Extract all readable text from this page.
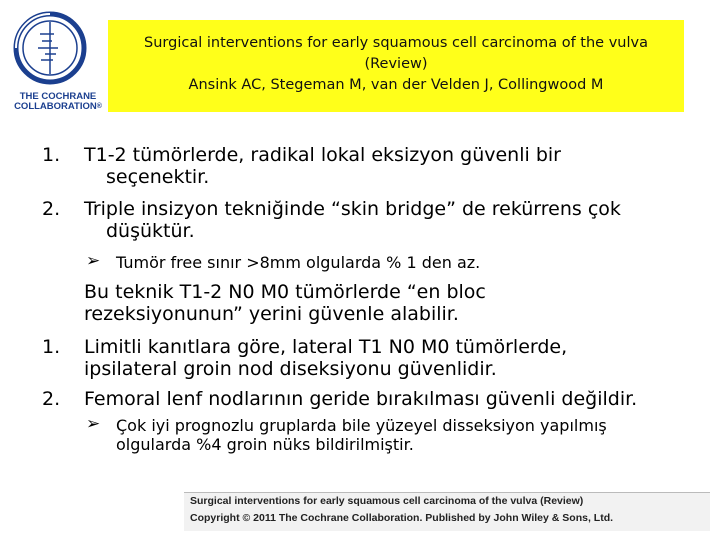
THE COCHRANE
COLLABORATION®
Surgical interventions for early squamous cell carcinoma of the vulva
(Review)
Ansink AC, Stegeman M, van der Velden J, Collingwood M
1. T1-2 tümörlerde, radikal lokal eksizyon güvenli bir
seçenektir.
2. Triple insizyon tekniğinde “skin bridge” de rekürrens çok
düşüktür.
➢ Tumör free sınır >8mm olgularda % 1 den az.
Bu teknik T1-2 N0 M0 tümörlerde “en bloc
rezeksiyonunun” yerini güvenle alabilir.
1. Limitli kanıtlara göre, lateral T1 N0 M0 tümörlerde,
ipsilateral groin nod diseksiyonu güvenlidir.
2. Femoral lenf nodlarının geride bırakılması güvenli değildir.
➢ Çok iyi prognozlu gruplarda bile yüzeyel disseksiyon yapılmış
olgularda %4 groin nüks bildirilmiştir.
Surgical interventions for early squamous cell carcinoma of the vulva (Review)
Copyright © 2011 The Cochrane Collaboration. Published by John Wiley & Sons, Ltd.
